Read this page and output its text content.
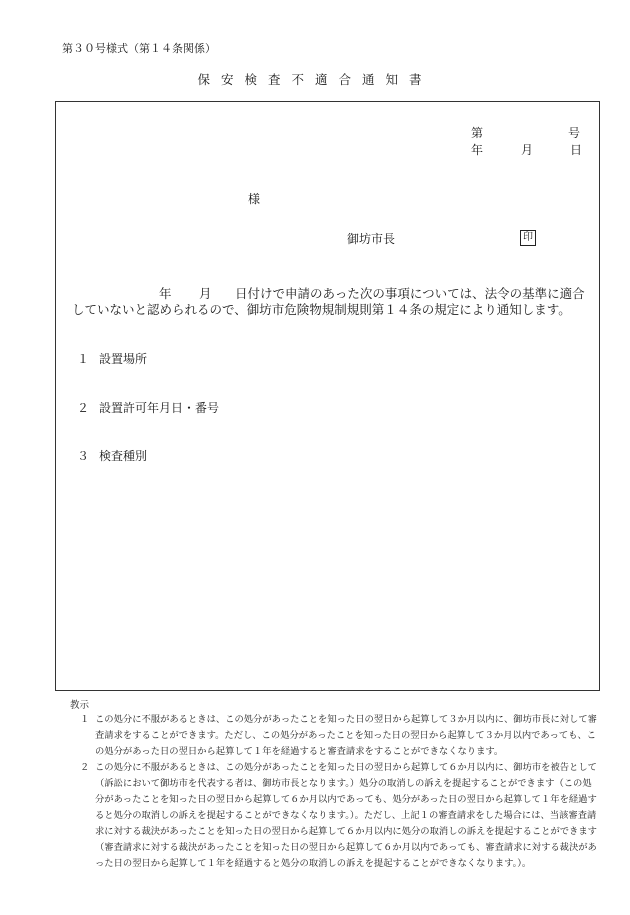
第３０号様式（第１４条関係）
保安検査不適合通知書
第	号
年	月	日
様
御坊市長	印
年 月 日付けで申請のあった次の事項については、法令の基準に適合
していないと認められるので、御坊市危険物規制規則第１４条の規定により通知します。
１ 設置場所
２ 設置許可年月日・番号
３ 検査種別
教示
１ この処分に不服があるときは、この処分があったことを知った日の翌日から起算して３か月以内に、御坊市長に対して審査請求をすることができます。ただし、この処分があったことを知った日の翌日から起算して３か月以内であっても、この処分があった日の翌日から起算して１年を経過すると審査請求をすることができなくなります。
２ この処分に不服があるときは、この処分があったことを知った日の翌日から起算して６か月以内に、御坊市を被告として（訴訟において御坊市を代表する者は、御坊市長となります。）処分の取消しの訴えを提起することができます（この処分があったことを知った日の翌日から起算して６か月以内であっても、処分があった日の翌日から起算して１年を経過すると処分の取消しの訴えを提起することができなくなります。）。ただし、上記１の審査請求をした場合には、当該審査請求に対する裁決があったことを知った日の翌日から起算して６か月以内に処分の取消しの訴えを提起することができます（審査請求に対する裁決があったことを知った日の翌日から起算して６か月以内であっても、審査請求に対する裁決があった日の翌日から起算して１年を経過すると処分の取消しの訴えを提起することができなくなります。）。
